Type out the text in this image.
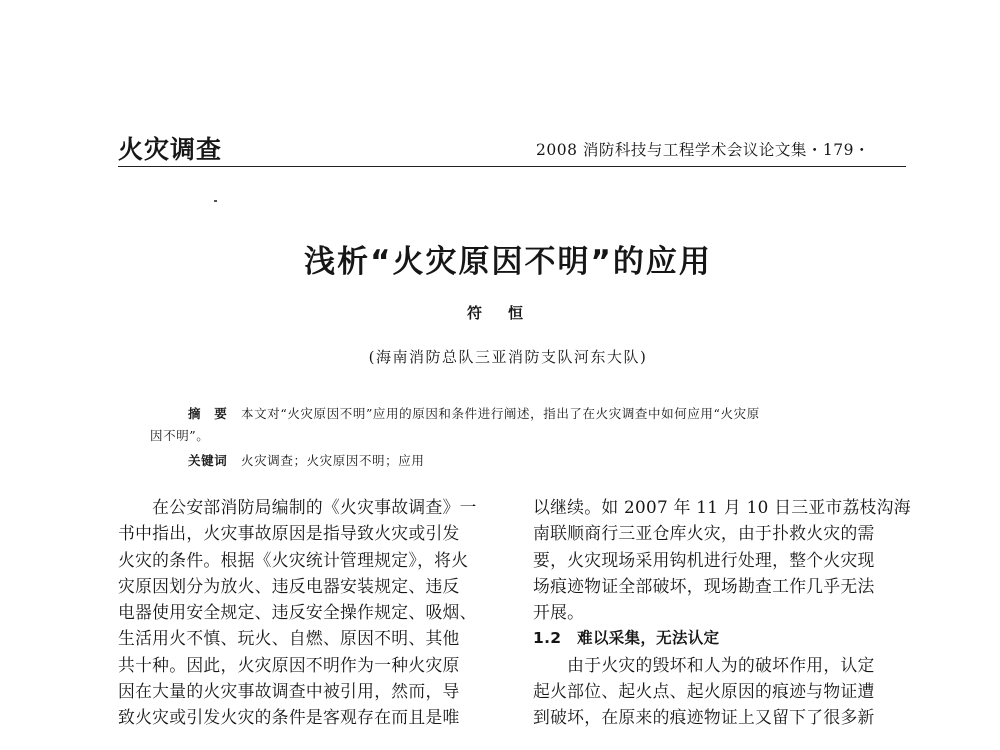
火灾调查	2008 消防科技与工程学术会议论文集・179・
浅析“火灾原因不明”的应用
符恒
(海南消防总队三亚消防支队河东大队)

摘　要 本文对“火灾原因不明”应用的原因和条件进行阐述，指出了在火灾调查中如何应用“火灾原

因不明”。

关键词 火灾调查；火灾原因不明；应用
　　在公安部消防局编制的《火灾事故调查》一
书中指出，火灾事故原因是指导致火灾或引发
火灾的条件。根据《火灾统计管理规定》，将火
灾原因划分为放火、违反电器安装规定、违反
电器使用安全规定、违反安全操作规定、吸烟、
生活用火不慎、玩火、自燃、原因不明、其他
共十种。因此，火灾原因不明作为一种火灾原
因在大量的火灾事故调查中被引用，然而，导
致火灾或引发火灾的条件是客观存在而且是唯
以继续。如 2007 年 11 月 10 日三亚市荔枝沟海
南联顺商行三亚仓库火灾，由于扑救火灾的需
要，火灾现场采用钩机进行处理，整个火灾现
场痕迹物证全部破坏，现场勘查工作几乎无法
开展。
1.2　难以采集，无法认定
　　由于火灾的毁坏和人为的破坏作用，认定
起火部位、起火点、起火原因的痕迹与物证遭
到破坏，在原来的痕迹物证上又留下了很多新
